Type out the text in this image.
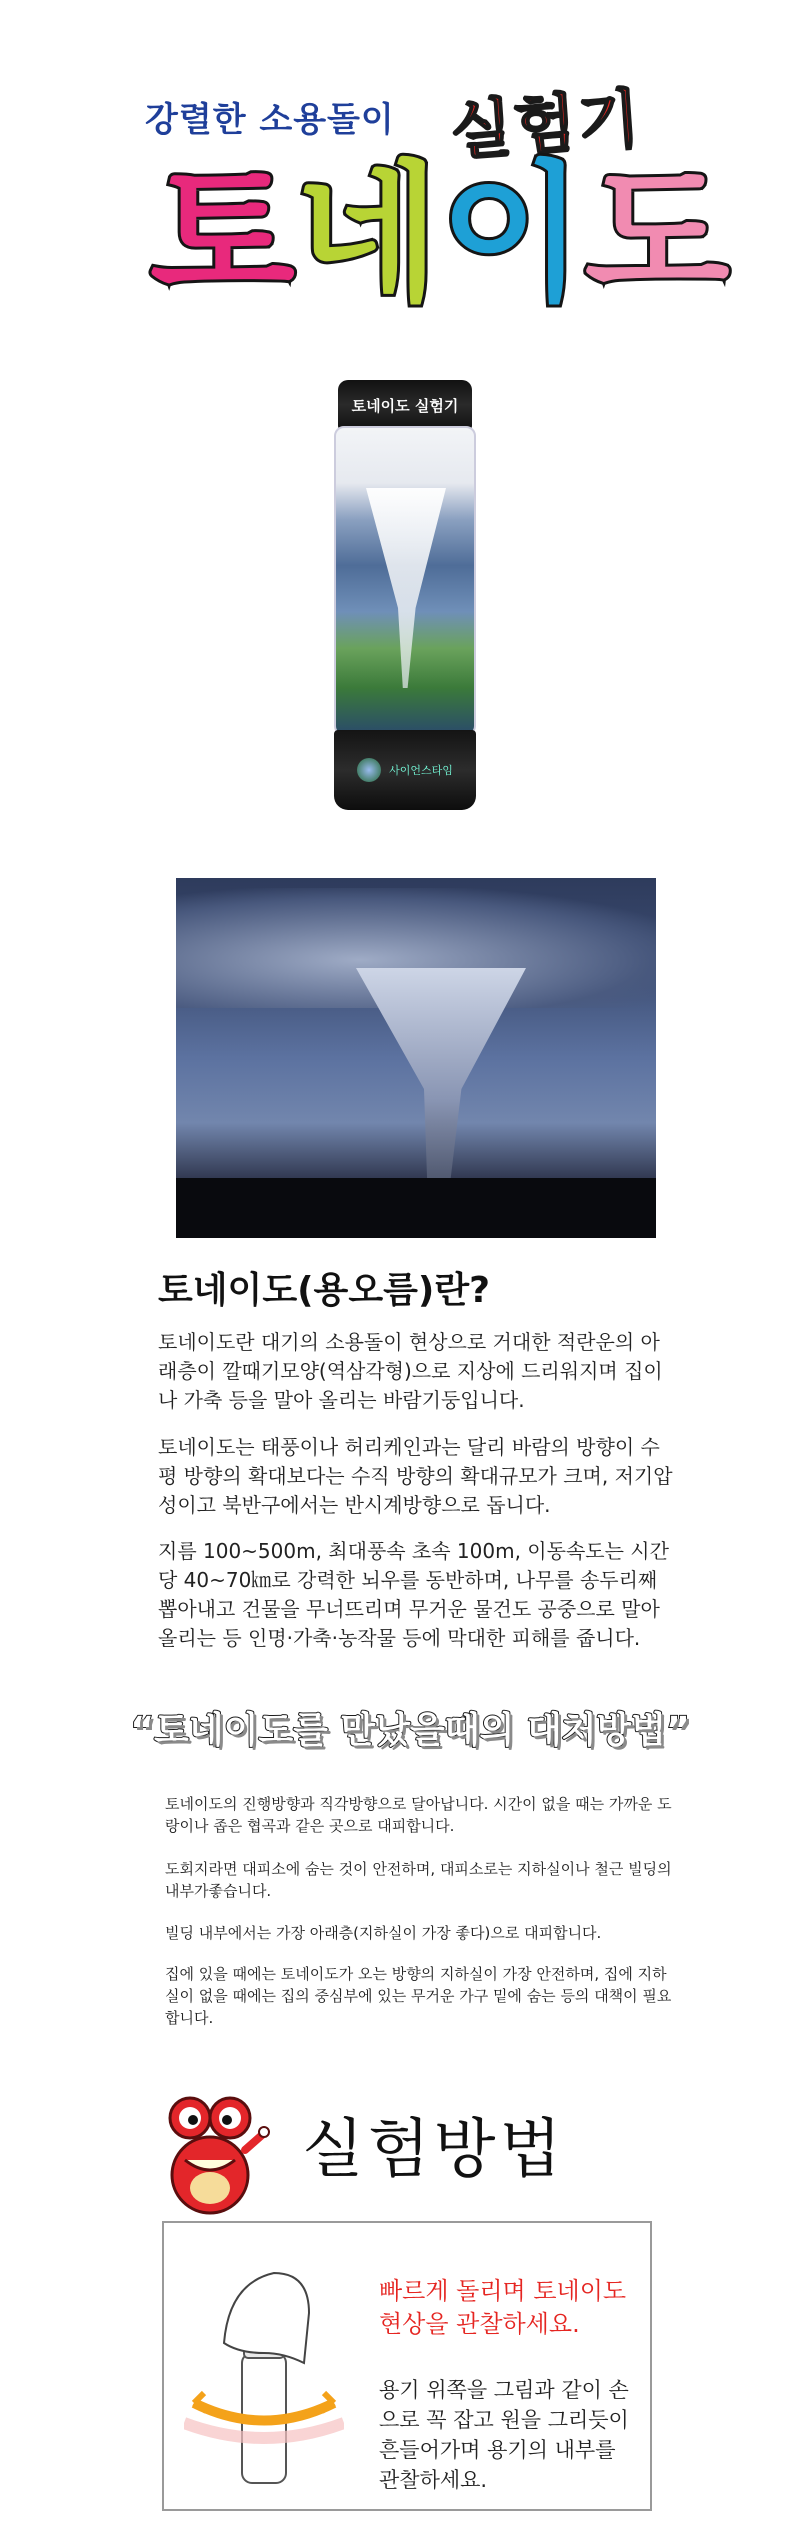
강렬한 소용돌이 실험기
토 네 이 도
토네이도 실험기
사이언스타임
토네이도(용오름)란?

토네이도란 대기의 소용돌이 현상으로 거대한 적란운의 아래층이 깔때기모양(역삼각형)으로 지상에 드리워지며 집이나 가축 등을 말아 올리는 바람기둥입니다.

토네이도는 태풍이나 허리케인과는 달리 바람의 방향이 수평 방향의 확대보다는 수직 방향의 확대규모가 크며, 저기압성이고 북반구에서는 반시계방향으로 돕니다.

지름 100~500m, 최대풍속 초속 100m, 이동속도는 시간당 40~70㎞로 강력한 뇌우를 동반하며, 나무를 송두리째 뽑아내고 건물을 무너뜨리며 무거운 물건도 공중으로 말아 올리는 등 인명·가축·농작물 등에 막대한 피해를 줍니다.

“토네이도를 만났을때의 대처방법”

토네이도의 진행방향과 직각방향으로 달아납니다. 시간이 없을 때는 가까운 도랑이나 좁은 협곡과 같은 곳으로 대피합니다.

도회지라면 대피소에 숨는 것이 안전하며, 대피소로는 지하실이나 철근 빌딩의 내부가좋습니다.

빌딩 내부에서는 가장 아래층(지하실이 가장 좋다)으로 대피합니다.

집에 있을 때에는 토네이도가 오는 방향의 지하실이 가장 안전하며, 집에 지하실이 없을 때에는 집의 중심부에 있는 무거운 가구 밑에 숨는 등의 대책이 필요합니다.

실험방법

빠르게 돌리며 토네이도 현상을 관찰하세요.

용기 위쪽을 그림과 같이 손으로 꼭 잡고 원을 그리듯이 흔들어가며 용기의 내부를 관찰하세요.
